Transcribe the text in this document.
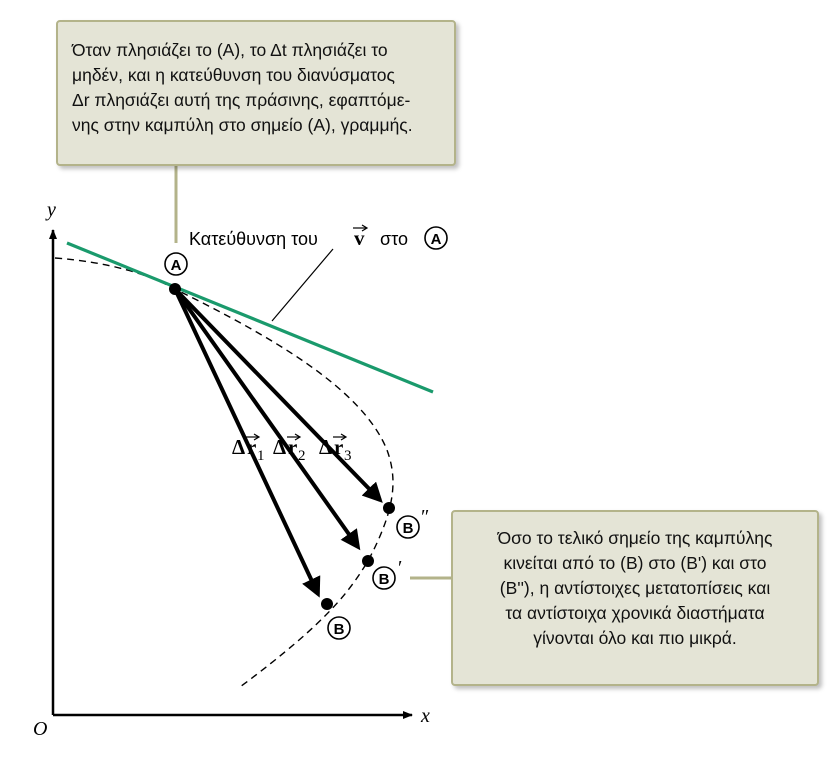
y
x
O
A
B
B
′
B
″
Κατεύθυνση του v στο A
Δ r 1 Δ r 2 Δ r 3
Όταν πλησιάζει το (Α), το Δt πλησιάζει το
μηδέν, και η κατεύθυνση του διανύσματος
Δr πλησιάζει αυτή της πράσινης, εφαπτόμε-
νης στην καμπύλη στο σημείο (Α), γραμμής.
Όσο το τελικό σημείο της καμπύλης
κινείται από το (Β) στο (Β') και στο
(Β''), η αντίστοιχες μετατοπίσεις και
τα αντίστοιχα χρονικά διαστήματα
γίνονται όλο και πιο μικρά.
